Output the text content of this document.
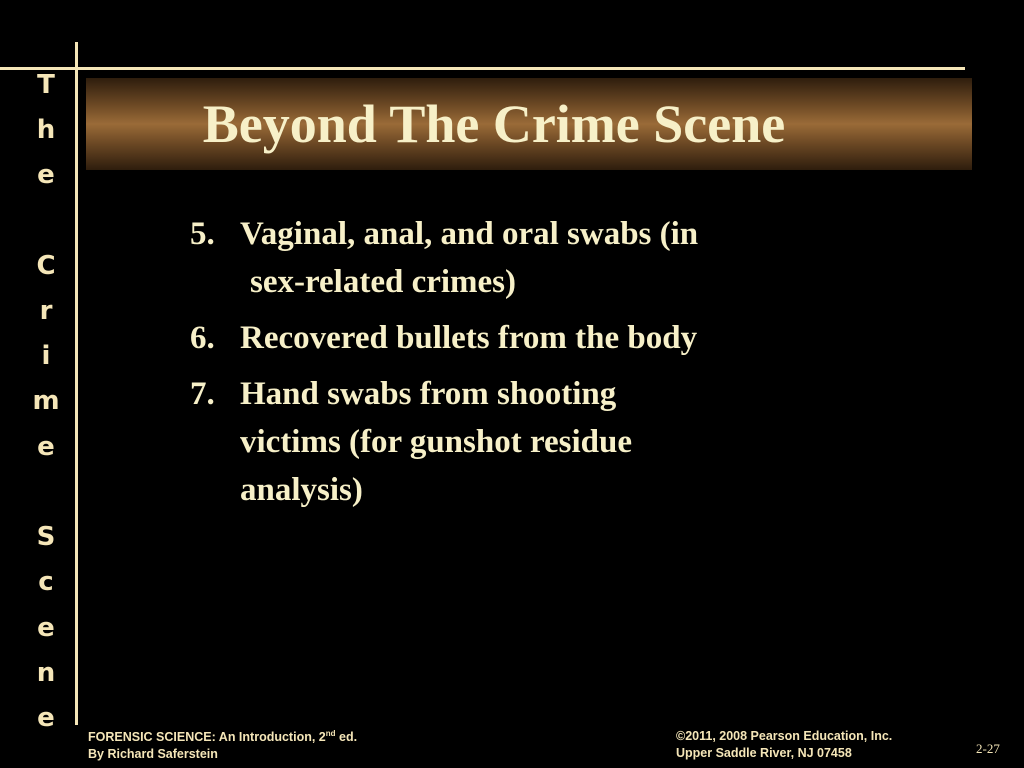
T
h
e
C
r
i
m
e
S
c
e
n
e
Beyond The Crime Scene
5. Vaginal, anal, and oral swabs (in
sex-related crimes)
6. Recovered bullets from the body
7. Hand swabs from shooting
victims (for gunshot residue
analysis)
FORENSIC SCIENCE: An Introduction, 2nd ed.
By Richard Saferstein
©2011, 2008 Pearson Education, Inc.
Upper Saddle River, NJ 07458	2-27
